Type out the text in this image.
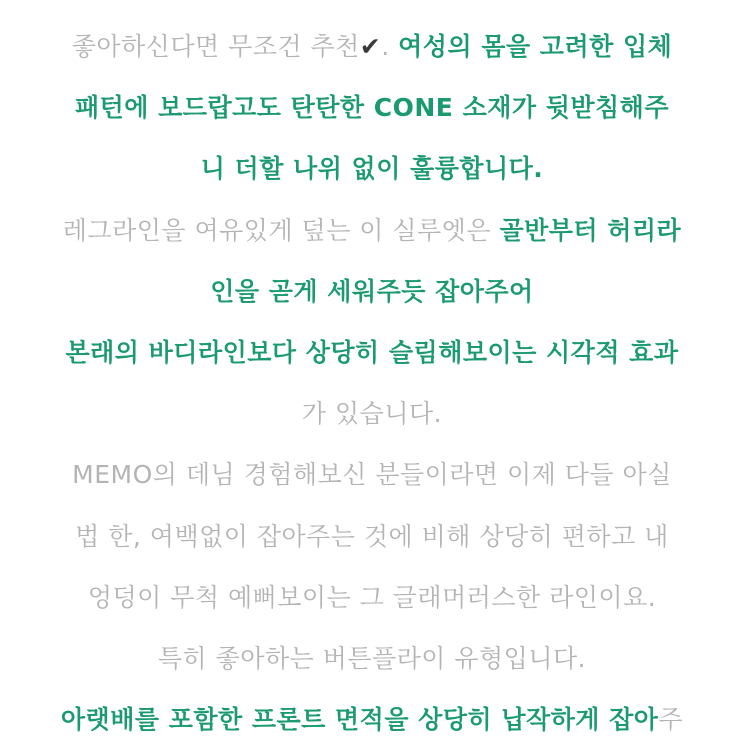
좋아하신다면 무조건 추천✔. 여성의 몸을 고려한 입체
패턴에 보드랍고도 탄탄한 CONE 소재가 뒷받침해주
니 더할 나위 없이 훌륭합니다.
레그라인을 여유있게 덮는 이 실루엣은 골반부터 허리라
인을 곧게 세워주듯 잡아주어
본래의 바디라인보다 상당히 슬림해보이는 시각적 효과
가 있습니다.
MEMO의 데님 경험해보신 분들이라면 이제 다들 아실
법 한, 여백없이 잡아주는 것에 비해 상당히 편하고 내
엉덩이 무척 예뻐보이는 그 글래머러스한 라인이요.
특히 좋아하는 버튼플라이 유형입니다.
아랫배를 포함한 프론트 면적을 상당히 납작하게 잡아주
